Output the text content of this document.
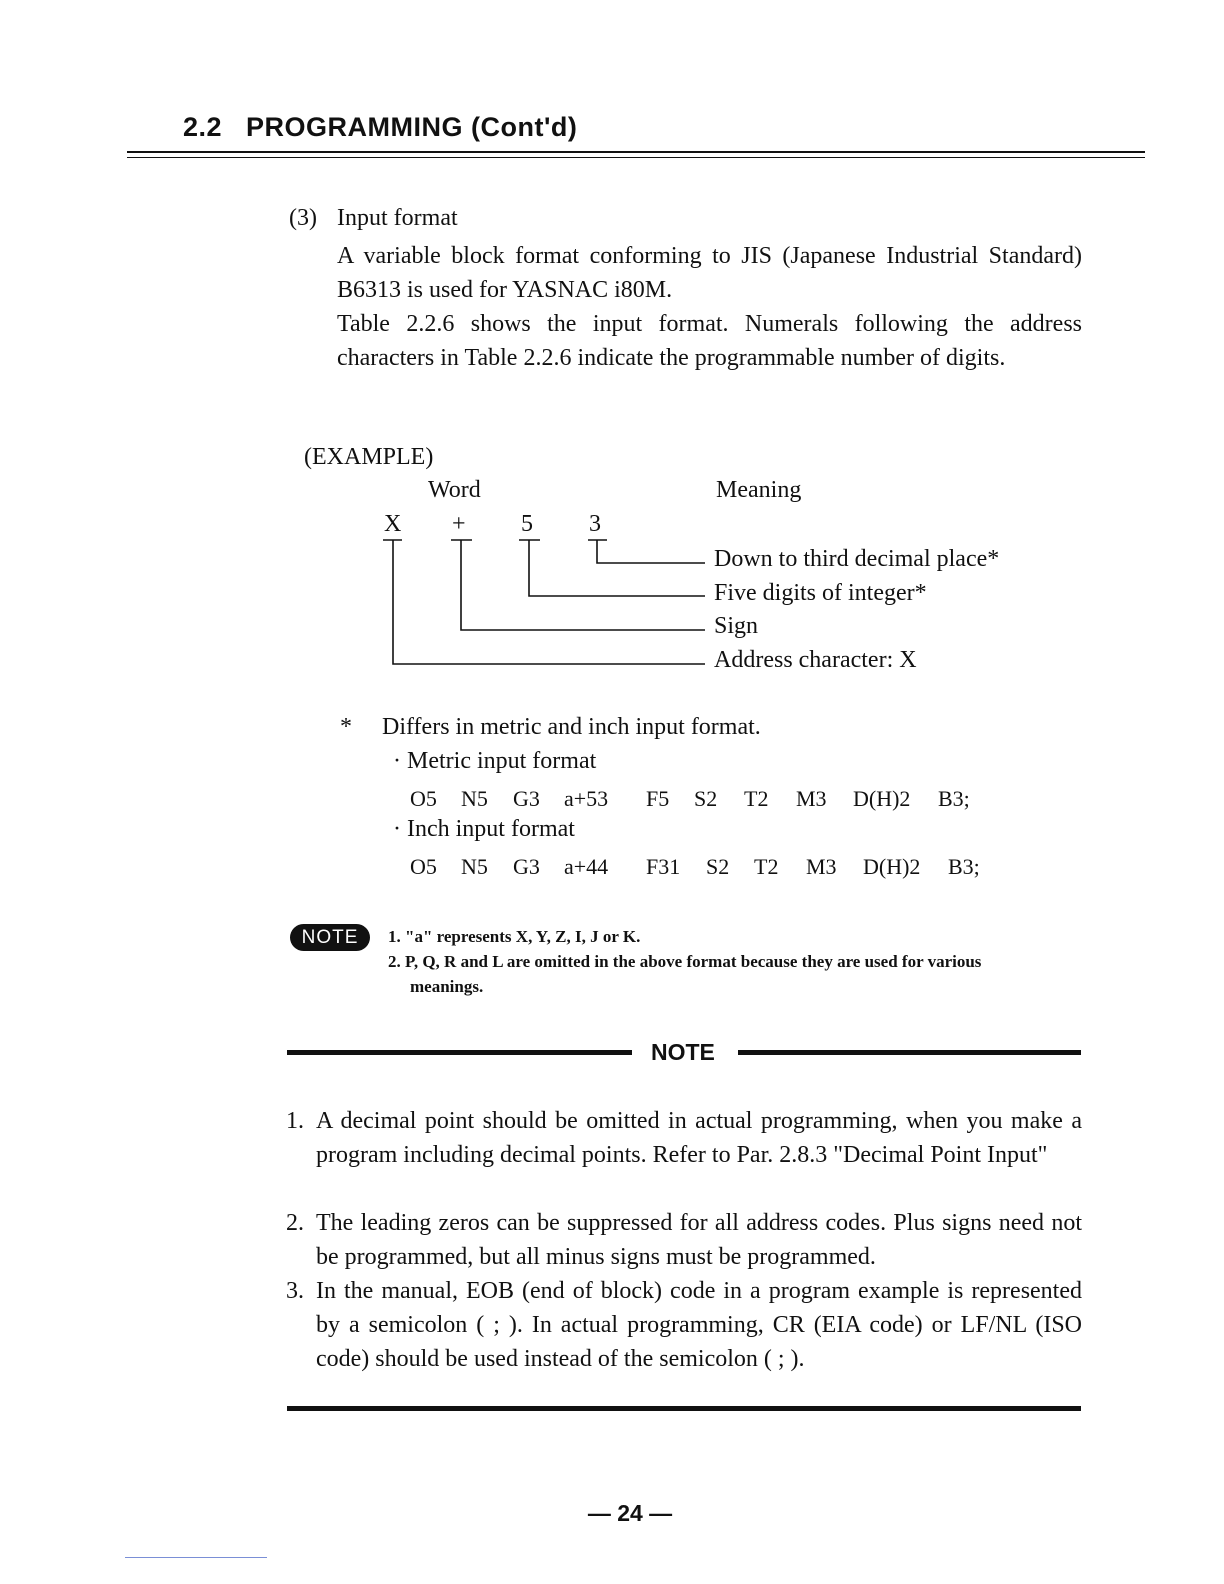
2.2   PROGRAMMING (Cont'd)
(3) Input format
A variable block format conforming to JIS (Japanese Industrial Standard) B6313 is used for YASNAC i80M.
Table 2.2.6 shows the input format. Numerals following the address characters in Table 2.2.6 indicate the programmable number of digits.
(EXAMPLE)
Word	Meaning
X + 5 3
Down to third decimal place*
Five digits of integer*
Sign
Address character: X
* Differs in metric and inch input format.
· Metric input format
O5	N5	G3	a+53	F5	S2	T2	M3	D(H)2	B3;
· Inch input format
O5	N5	G3	a+44	F31	S2	T2	M3	D(H)2	B3;
NOTE	1. "a" represents X, Y, Z, I, J or K.
2. P, Q, R and L are omitted in the above format because they are used for various
meanings.
NOTE
1. A decimal point should be omitted in actual programming, when you make a program including decimal points. Refer to Par. 2.8.3 "Decimal Point Input"
2. The leading zeros can be suppressed for all address codes. Plus signs need not be programmed, but all minus signs must be programmed.
3. In the manual, EOB (end of block) code in a program example is represented by a semicolon ( ; ). In actual programming, CR (EIA code) or LF/NL (ISO code) should be used instead of the semicolon ( ; ).
— 24 —
